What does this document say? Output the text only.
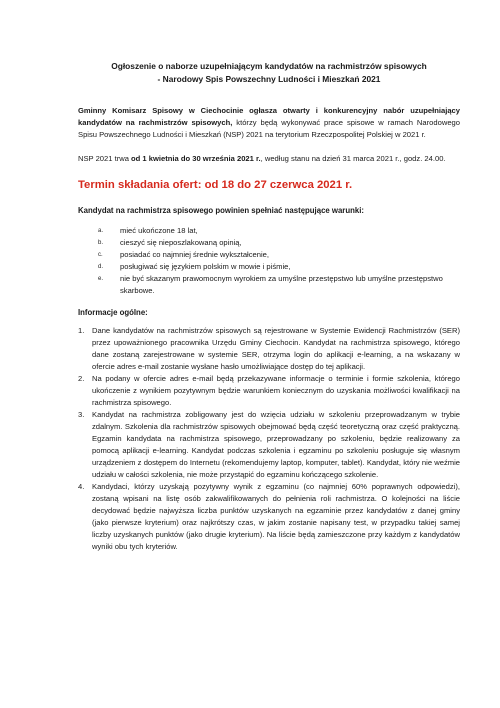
Ogłoszenie o naborze uzupełniającym kandydatów na rachmistrzów spisowych
- Narodowy Spis Powszechny Ludności i Mieszkań 2021

Gminny Komisarz Spisowy w Ciechocinie ogłasza otwarty i konkurencyjny nabór uzupełniający kandydatów na rachmistrzów spisowych, którzy będą wykonywać prace spisowe w ramach Narodowego Spisu Powszechnego Ludności i Mieszkań (NSP) 2021 na terytorium Rzeczpospolitej Polskiej w 2021 r.

NSP 2021 trwa od 1 kwietnia do 30 września 2021 r., według stanu na dzień 31 marca 2021 r., godz. 24.00.

Termin składania ofert: od 18 do 27 czerwca 2021 r.
Kandydat na rachmistrza spisowego powinien spełniać następujące warunki:
a. mieć ukończone 18 lat,
b. cieszyć się nieposzlakowaną opinią,
c. posiadać co najmniej średnie wykształcenie,
d. posługiwać się językiem polskim w mowie i piśmie,
e. nie być skazanym prawomocnym wyrokiem za umyślne przestępstwo lub umyślne przestępstwo skarbowe.
Informacje ogólne:
1. Dane kandydatów na rachmistrzów spisowych są rejestrowane w Systemie Ewidencji Rachmistrzów (SER) przez upoważnionego pracownika Urzędu Gminy Ciechocin. Kandydat na rachmistrza spisowego, którego dane zostaną zarejestrowane w systemie SER, otrzyma login do aplikacji e-learning, a na wskazany w ofercie adres e-mail zostanie wysłane hasło umożliwiające dostęp do tej aplikacji.
2. Na podany w ofercie adres e-mail będą przekazywane informacje o terminie i formie szkolenia, którego ukończenie z wynikiem pozytywnym będzie warunkiem koniecznym do uzyskania możliwości kwalifikacji na rachmistrza spisowego.
3. Kandydat na rachmistrza zobligowany jest do wzięcia udziału w szkoleniu przeprowadzanym w trybie zdalnym. Szkolenia dla rachmistrzów spisowych obejmować będą część teoretyczną oraz część praktyczną. Egzamin kandydata na rachmistrza spisowego, przeprowadzany po szkoleniu, będzie realizowany za pomocą aplikacji e-learning. Kandydat podczas szkolenia i egzaminu po szkoleniu posługuje się własnym urządzeniem z dostępem do Internetu (rekomendujemy laptop, komputer, tablet). Kandydat, który nie weźmie udziału w całości szkolenia, nie może przystąpić do egzaminu kończącego szkolenie.
4. Kandydaci, którzy uzyskają pozytywny wynik z egzaminu (co najmniej 60% poprawnych odpowiedzi), zostaną wpisani na listę osób zakwalifikowanych do pełnienia roli rachmistrza. O kolejności na liście decydować będzie najwyższa liczba punktów uzyskanych na egzaminie przez kandydatów z danej gminy (jako pierwsze kryterium) oraz najkrótszy czas, w jakim zostanie napisany test, w przypadku takiej samej liczby uzyskanych punktów (jako drugie kryterium). Na liście będą zamieszczone przy każdym z kandydatów wyniki obu tych kryteriów.
